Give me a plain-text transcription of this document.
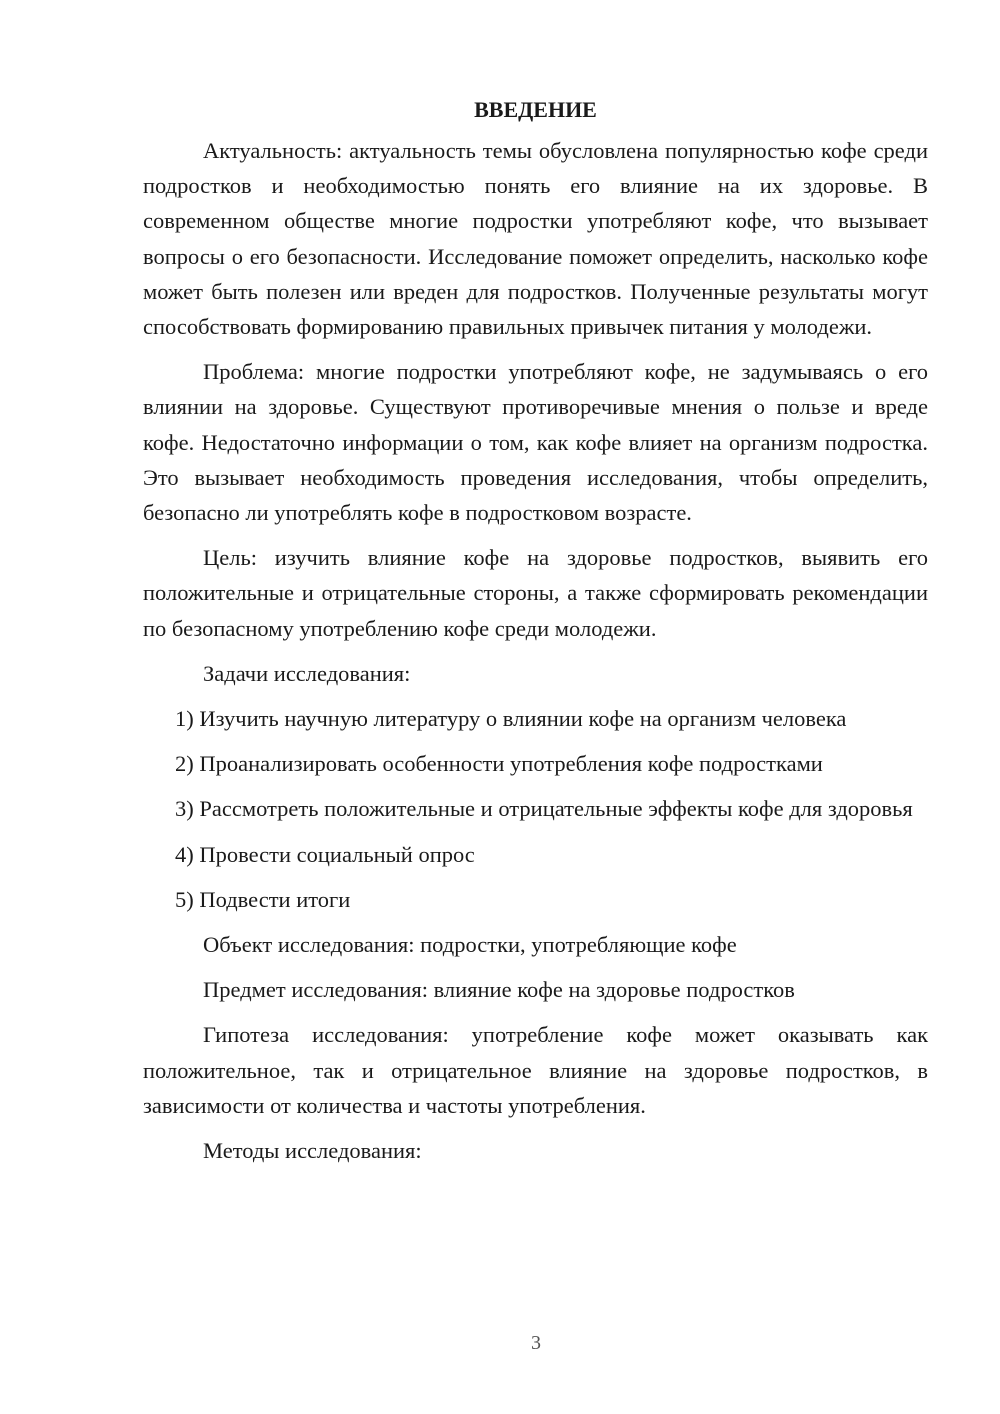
ВВЕДЕНИЕ

Актуальность: актуальность темы обусловлена популярностью кофе среди подростков и необходимостью понять его влияние на их здоровье. В современном обществе многие подростки употребляют кофе, что вызывает вопросы о его безопасности. Исследование поможет определить, насколько кофе может быть полезен или вреден для подростков. Полученные результаты могут способствовать формированию правильных привычек питания у молодежи.

Проблема: многие подростки употребляют кофе, не задумываясь о его влиянии на здоровье. Существуют противоречивые мнения о пользе и вреде кофе. Недостаточно информации о том, как кофе влияет на организм подростка. Это вызывает необходимость проведения исследования, чтобы определить, безопасно ли употреблять кофе в подростковом возрасте.

Цель: изучить влияние кофе на здоровье подростков, выявить его положительные и отрицательные стороны, а также сформировать рекомендации по безопасному употреблению кофе среди молодежи.

Задачи исследования:

1) Изучить научную литературу о влиянии кофе на организм человека

2) Проанализировать особенности употребления кофе подростками

3) Рассмотреть положительные и отрицательные эффекты кофе для здоровья

4) Провести социальный опрос

5) Подвести итоги

Объект исследования: подростки, употребляющие кофе

Предмет исследования: влияние кофе на здоровье подростков

Гипотеза исследования: употребление кофе может оказывать как положительное, так и отрицательное влияние на здоровье подростков, в зависимости от количества и частоты употребления.

Методы исследования:

3
